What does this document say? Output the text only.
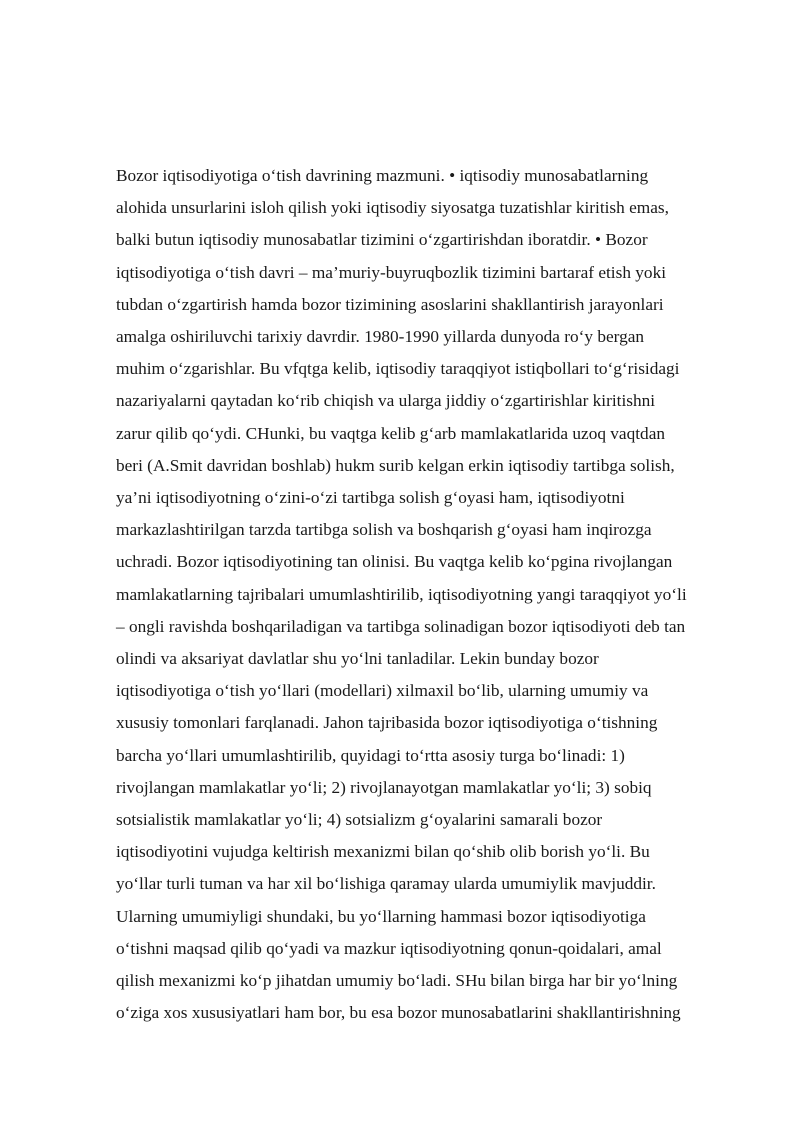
Bozor iqtisodiyotiga o‘tish davrining mazmuni. • iqtisodiy munosabatlarning
alohida unsurlarini isloh qilish yoki iqtisodiy siyosatga tuzatishlar kiritish emas,
balki butun iqtisodiy munosabatlar tizimini o‘zgartirishdan iboratdir. • Bozor
iqtisodiyotiga o‘tish davri – ma’muriy-buyruqbozlik tizimini bartaraf etish yoki
tubdan o‘zgartirish hamda bozor tizimining asoslarini shakllantirish jarayonlari
amalga oshiriluvchi tarixiy davrdir. 1980-1990 yillarda dunyoda ro‘y bergan
muhim o‘zgarishlar. Bu vfqtga kelib, iqtisodiy taraqqiyot istiqbollari to‘g‘risidagi
nazariyalarni qaytadan ko‘rib chiqish va ularga jiddiy o‘zgartirishlar kiritishni
zarur qilib qo‘ydi. CHunki, bu vaqtga kelib g‘arb mamlakatlarida uzoq vaqtdan
beri (A.Smit davridan boshlab) hukm surib kelgan erkin iqtisodiy tartibga solish,
ya’ni iqtisodiyotning o‘zini-o‘zi tartibga solish g‘oyasi ham, iqtisodiyotni
markazlashtirilgan tarzda tartibga solish va boshqarish g‘oyasi ham inqirozga
uchradi. Bozor iqtisodiyotining tan olinisi. Bu vaqtga kelib ko‘pgina rivojlangan
mamlakatlarning tajribalari umumlashtirilib, iqtisodiyotning yangi taraqqiyot yo‘li
– ongli ravishda boshqariladigan va tartibga solinadigan bozor iqtisodiyoti deb tan
olindi va aksariyat davlatlar shu yo‘lni tanladilar. Lekin bunday bozor
iqtisodiyotiga o‘tish yo‘llari (modellari) xilmaxil bo‘lib, ularning umumiy va
xususiy tomonlari farqlanadi. Jahon tajribasida bozor iqtisodiyotiga o‘tishning
barcha yo‘llari umumlashtirilib, quyidagi to‘rtta asosiy turga bo‘linadi: 1)
rivojlangan mamlakatlar yo‘li; 2) rivojlanayotgan mamlakatlar yo‘li; 3) sobiq
sotsialistik mamlakatlar yo‘li; 4) sotsializm g‘oyalarini samarali bozor
iqtisodiyotini vujudga keltirish mexanizmi bilan qo‘shib olib borish yo‘li. Bu
yo‘llar turli tuman va har xil bo‘lishiga qaramay ularda umumiylik mavjuddir.
Ularning umumiyligi shundaki, bu yo‘llarning hammasi bozor iqtisodiyotiga
o‘tishni maqsad qilib qo‘yadi va mazkur iqtisodiyotning qonun-qoidalari, amal
qilish mexanizmi ko‘p jihatdan umumiy bo‘ladi. SHu bilan birga har bir yo‘lning
o‘ziga xos xususiyatlari ham bor, bu esa bozor munosabatlarini shakllantirishning
